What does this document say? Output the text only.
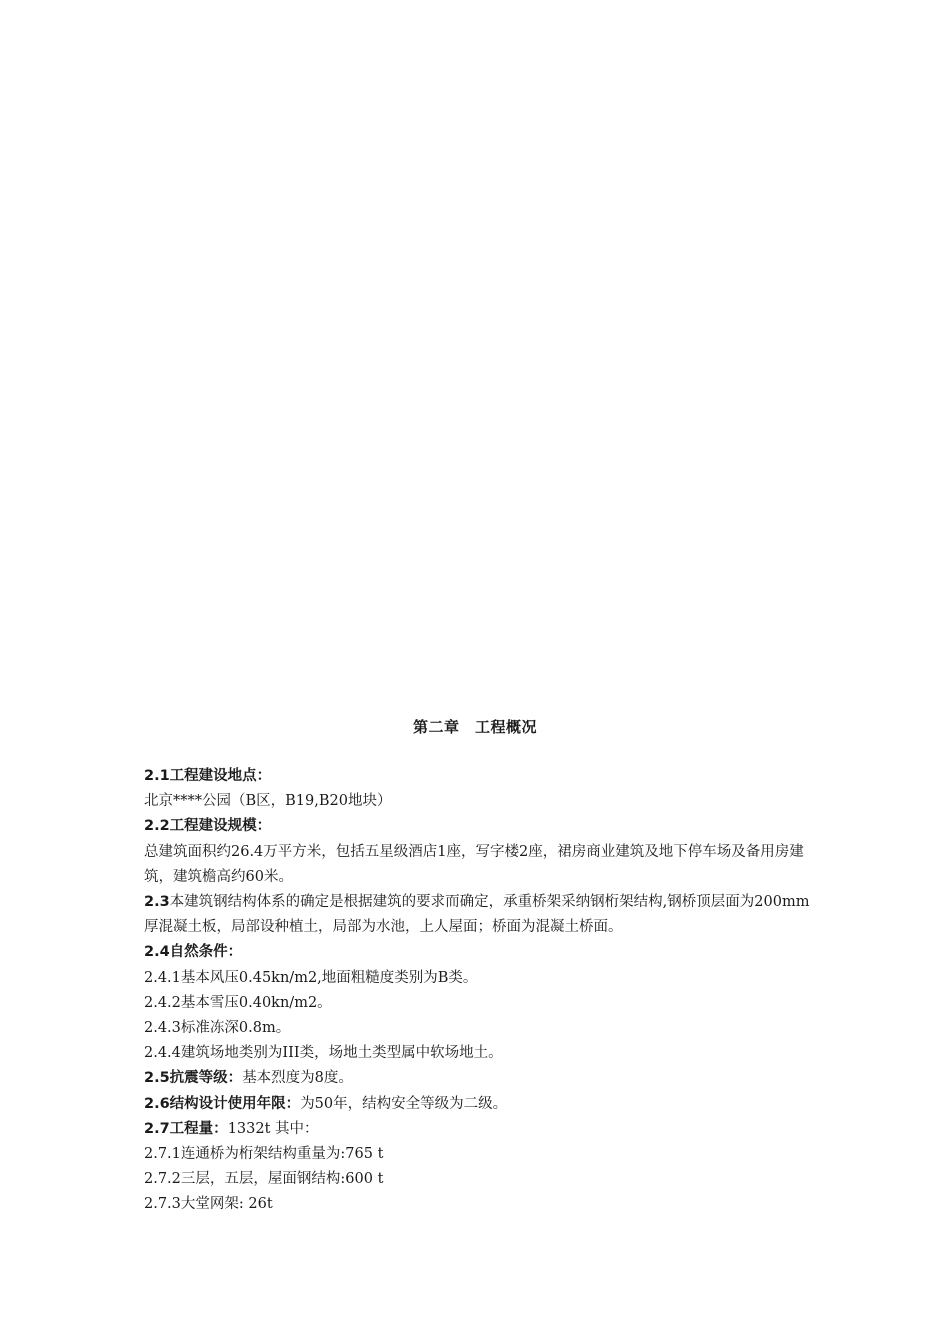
第二章　工程概况

2.1工程建设地点：

北京****公园（B区，B19,B20地块）

2.2工程建设规模：

总建筑面积约26.4万平方米，包括五星级酒店1座，写字楼2座，裙房商业建筑及地下停车场及备用房建筑，建筑檐高约60米。

2.3本建筑钢结构体系的确定是根据建筑的要求而确定，承重桥架采纳钢桁架结构,钢桥顶层面为200mm厚混凝土板，局部设种植土，局部为水池，上人屋面；桥面为混凝土桥面。

2.4自然条件：

2.4.1基本风压0.45kn/m2,地面粗糙度类别为B类。

2.4.2基本雪压0.40kn/m2。

2.4.3标准冻深0.8m。

2.4.4建筑场地类别为III类，场地土类型属中软场地土。

2.5抗震等级：基本烈度为8度。

2.6结构设计使用年限：为50年，结构安全等级为二级。

2.7工程量：1332t 其中：

2.7.1连通桥为桁架结构重量为:765 t

2.7.2三层，五层，屋面钢结构:600 t

2.7.3大堂网架: 26t
